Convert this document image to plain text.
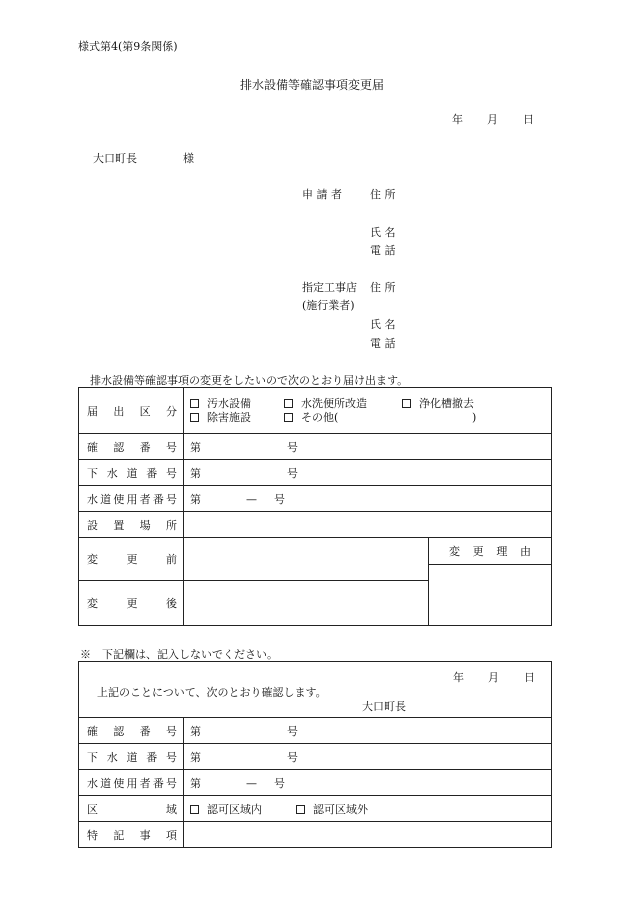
様式第4(第9条関係)
排水設備等確認事項変更届
年 月 日
大口町長	様
申 請 者	住 所
氏 名
電 話
指定工事店 住 所
(施行業者)
氏 名
電 話
排水設備等確認事項の変更をしたいので次のとおり届け出ます。
届 出 区 分	汚水設備 水洗便所改造 浄化槽撤去
除害施設 その他( )	
確 認 番 号	第 号	
下 水 道 番 号	第 号	
水道使用者番号	第 — 号	
設 置 場 所		
変 更 前		変 更 理 由

変 更 後		
※　下記欄は、記入しないでください。
年 月 日
上記のことについて、次のとおり確認します。
大口町長	

確 認 番 号	第 号
下 水 道 番 号	第 号
水道使用者番号	第 — 号
区 域	認可区域内 認可区域外
特 記 事 項	
